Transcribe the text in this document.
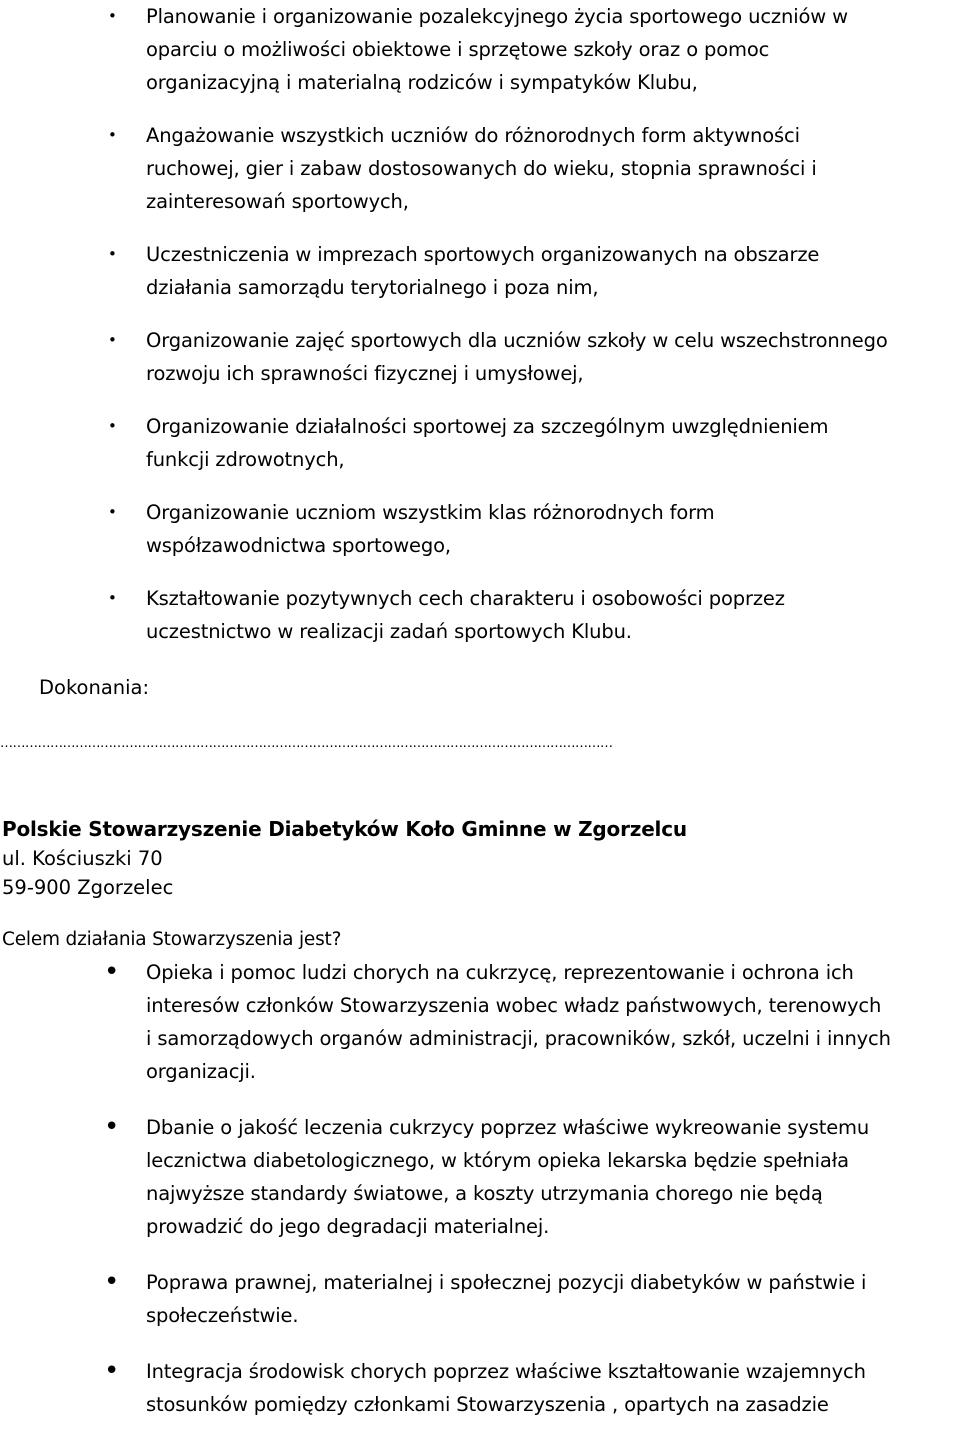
• Planowanie i organizowanie pozalekcyjnego życia sportowego uczniów w
oparciu o możliwości obiektowe i sprzętowe szkoły oraz o pomoc
organizacyjną i materialną rodziców i sympatyków Klubu,
• Angażowanie wszystkich uczniów do różnorodnych form aktywności
ruchowej, gier i zabaw dostosowanych do wieku, stopnia sprawności i
zainteresowań sportowych,
• Uczestniczenia w imprezach sportowych organizowanych na obszarze
działania samorządu terytorialnego i poza nim,
• Organizowanie zajęć sportowych dla uczniów szkoły w celu wszechstronnego
rozwoju ich sprawności fizycznej i umysłowej,
• Organizowanie działalności sportowej za szczególnym uwzględnieniem
funkcji zdrowotnych,
• Organizowanie uczniom wszystkim klas różnorodnych form
współzawodnictwa sportowego,
• Kształtowanie pozytywnych cech charakteru i osobowości poprzez
uczestnictwo w realizacji zadań sportowych Klubu.
Dokonania:
…………………………………………………………………………………………………………………………………
Polskie Stowarzyszenie Diabetyków Koło Gminne w Zgorzelcu
ul. Kościuszki 70
59-900 Zgorzelec
Celem działania Stowarzyszenia jest?
• Opieka i pomoc ludzi chorych na cukrzycę, reprezentowanie i ochrona ich
interesów członków Stowarzyszenia wobec władz państwowych, terenowych
i samorządowych organów administracji, pracowników, szkół, uczelni i innych
organizacji.
• Dbanie o jakość leczenia cukrzycy poprzez właściwe wykreowanie systemu
lecznictwa diabetologicznego, w którym opieka lekarska będzie spełniała
najwyższe standardy światowe, a koszty utrzymania chorego nie będą
prowadzić do jego degradacji materialnej.
• Poprawa prawnej, materialnej i społecznej pozycji diabetyków w państwie i
społeczeństwie.
• Integracja środowisk chorych poprzez właściwe kształtowanie wzajemnych
stosunków pomiędzy członkami Stowarzyszenia , opartych na zasadzie
